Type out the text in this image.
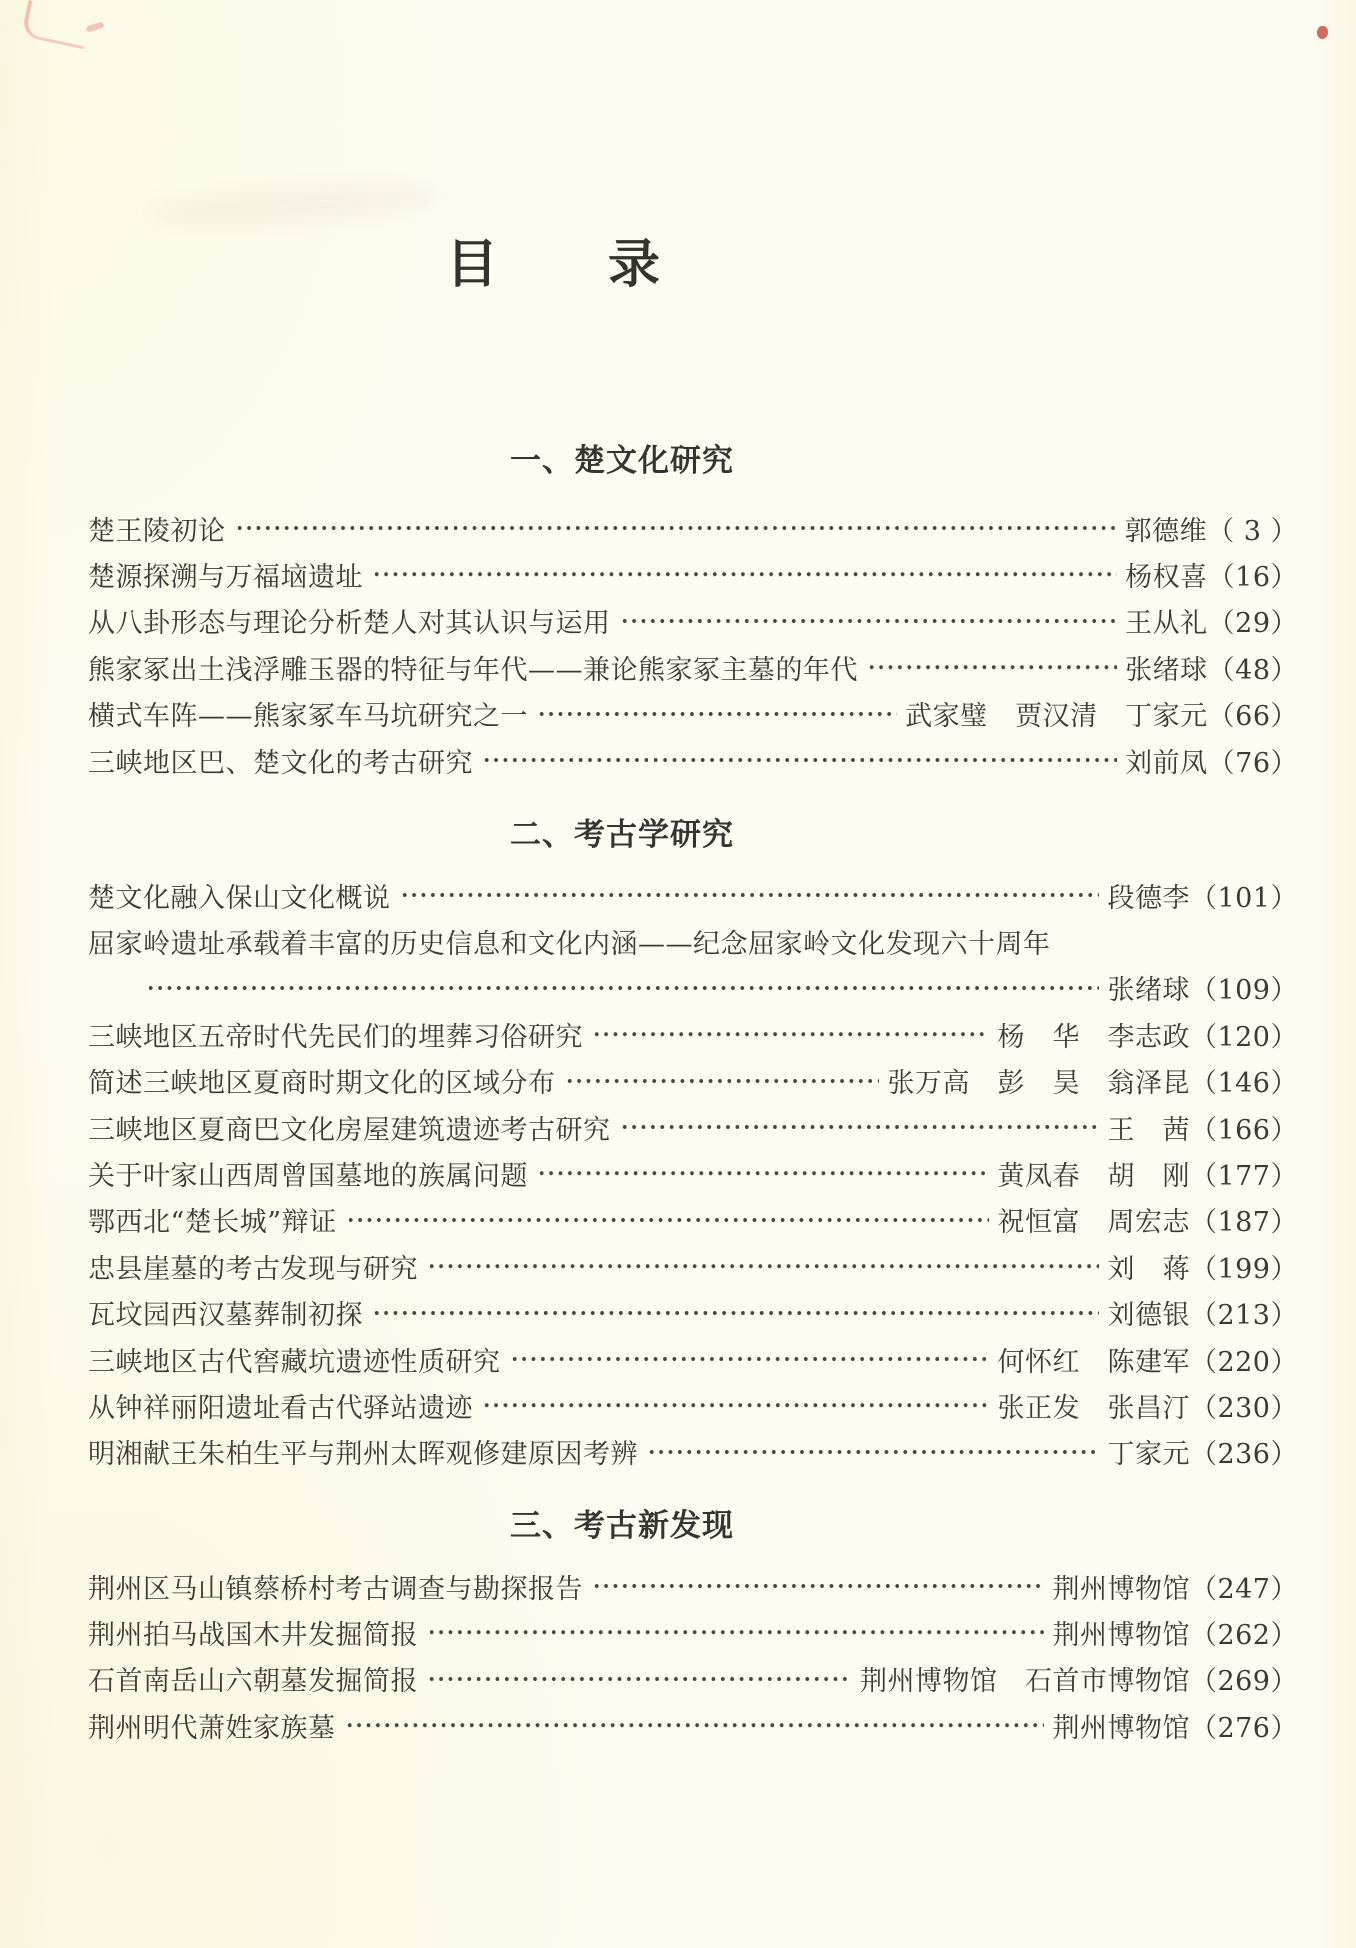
目　　录
一、楚文化研究
楚王陵初论	郭德维（ 3 ）
楚源探溯与万福垴遗址	杨权喜（16）
从八卦形态与理论分析楚人对其认识与运用	王从礼（29）
熊家冢出土浅浮雕玉器的特征与年代——兼论熊家冢主墓的年代	张绪球（48）
横式车阵——熊家冢车马坑研究之一	武家璧　贾汉清　丁家元（66）
三峡地区巴、楚文化的考古研究	刘前凤（76）
二、考古学研究
楚文化融入保山文化概说	段德李（101）
屈家岭遗址承载着丰富的历史信息和文化内涵——纪念屈家岭文化发现六十周年
张绪球（109）
三峡地区五帝时代先民们的埋葬习俗研究	杨　华　李志政（120）
简述三峡地区夏商时期文化的区域分布	张万高　彭　昊　翁泽昆（146）
三峡地区夏商巴文化房屋建筑遗迹考古研究	王　茜（166）
关于叶家山西周曾国墓地的族属问题	黄凤春　胡　刚（177）
鄂西北“楚长城”辩证	祝恒富　周宏志（187）
忠县崖墓的考古发现与研究	刘　蒋（199）
瓦坟园西汉墓葬制初探	刘德银（213）
三峡地区古代窖藏坑遗迹性质研究	何怀红　陈建军（220）
从钟祥丽阳遗址看古代驿站遗迹	张正发　张昌汀（230）
明湘献王朱柏生平与荆州太晖观修建原因考辨	丁家元（236）
三、考古新发现
荆州区马山镇蔡桥村考古调查与勘探报告	荆州博物馆（247）
荆州拍马战国木井发掘简报	荆州博物馆（262）
石首南岳山六朝墓发掘简报	荆州博物馆　石首市博物馆（269）
荆州明代萧姓家族墓	荆州博物馆（276）
